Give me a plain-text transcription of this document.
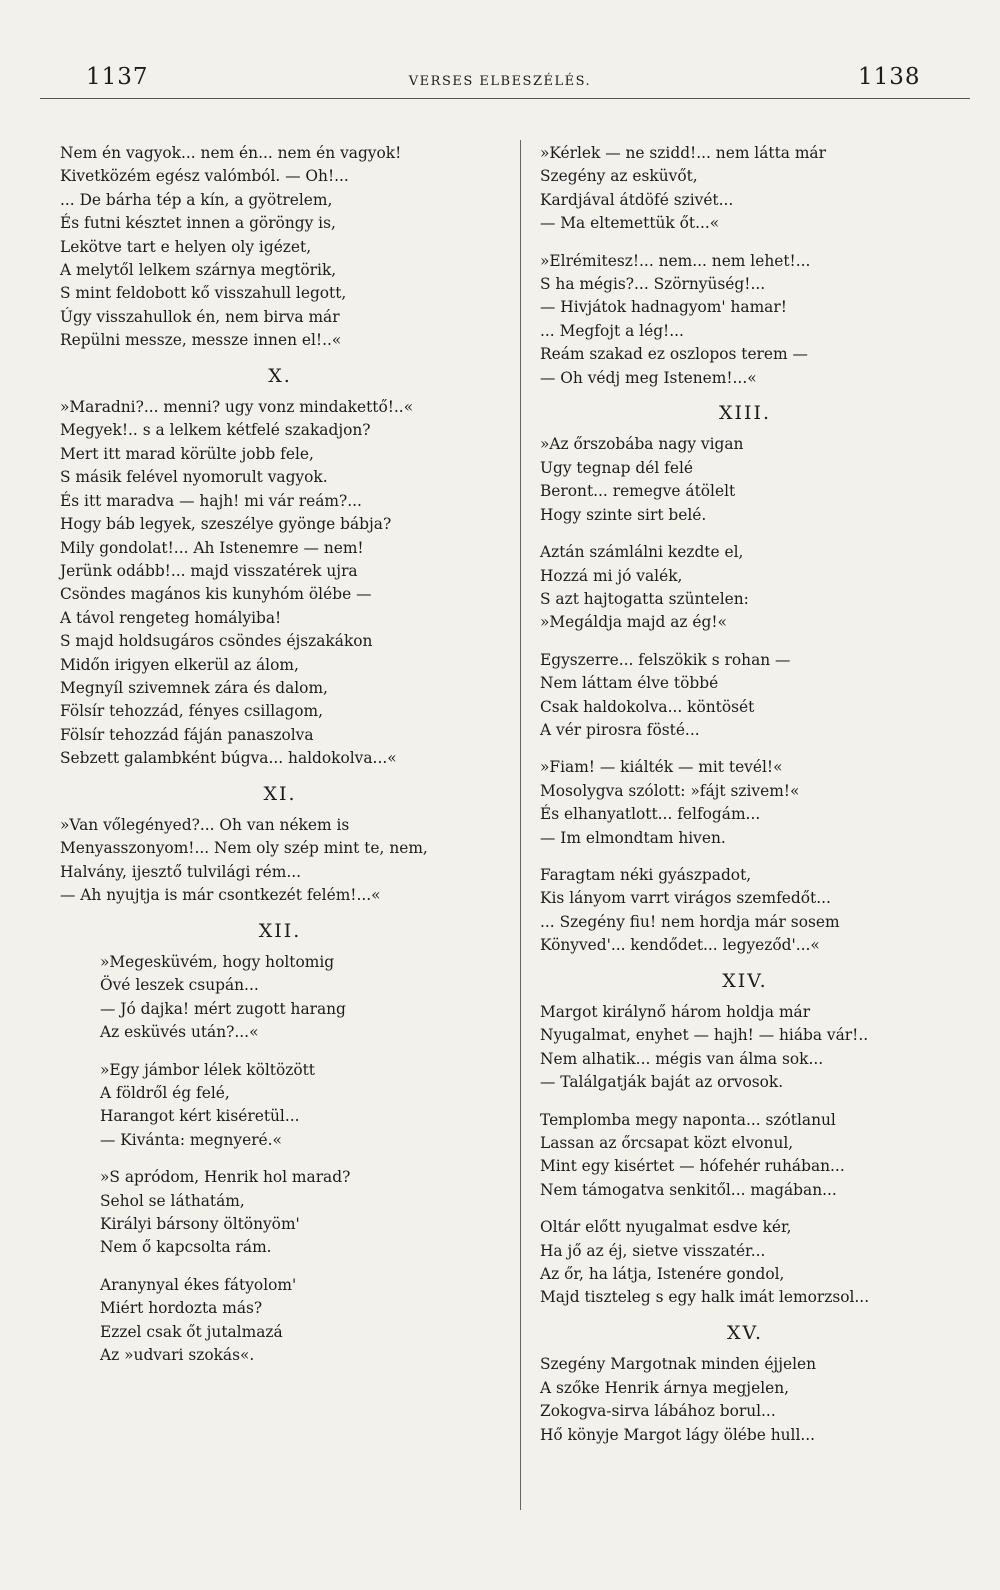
1137	VERSES ELBESZÉLÉS.	1138
Nem én vagyok... nem én... nem én vagyok!
Kivetközém egész valómból. — Oh!...
... De bárha tép a kín, a gyötrelem,
És futni késztet innen a göröngy is,
Lekötve tart e helyen oly igézet,
A melytől lelkem szárnya megtörik,
S mint feldobott kő visszahull legott,
Úgy visszahullok én, nem birva már
Repülni messze, messze innen el!..«
X.
»Maradni?... menni? ugy vonz mindakettő!..«
Megyek!.. s a lelkem kétfelé szakadjon?
Mert itt marad körülte jobb fele,
S másik felével nyomorult vagyok.
És itt maradva — hajh! mi vár reám?...
Hogy báb legyek, szeszélye gyönge bábja?
Mily gondolat!... Ah Istenemre — nem!
Jerünk odább!... majd visszatérek ujra
Csöndes magános kis kunyhóm ölébe —
A távol rengeteg homályiba!
S majd holdsugáros csöndes éjszakákon
Midőn irigyen elkerül az álom,
Megnyíl szivemnek zára és dalom,
Fölsír tehozzád, fényes csillagom,
Fölsír tehozzád fáján panaszolva
Sebzett galambként búgva... haldokolva...«
XI.
»Van vőlegényed?... Oh van nékem is
Menyasszonyom!... Nem oly szép mint te, nem,
Halvány, ijesztő tulvilági rém...
— Ah nyujtja is már csontkezét felém!...«
XII.
»Megesküvém, hogy holtomig
Övé leszek csupán...
— Jó dajka! mért zugott harang
Az esküvés után?...«
»Egy jámbor lélek költözött
A földről ég felé,
Harangot kért kiséretül...
— Kivánta: megnyeré.«
»S apródom, Henrik hol marad?
Sehol se láthatám,
Királyi bársony öltönyöm'
Nem ő kapcsolta rám.
Aranynyal ékes fátyolom'
Miért hordozta más?
Ezzel csak őt jutalmazá
Az »udvari szokás«.
»Kérlek — ne szidd!... nem látta már
Szegény az esküvőt,
Kardjával átdöfé szivét...
— Ma eltemettük őt...«
»Elrémitesz!... nem... nem lehet!...
S ha mégis?... Szörnyüség!...
— Hivjátok hadnagyom' hamar!
... Megfojt a lég!...
Reám szakad ez oszlopos terem —
— Oh védj meg Istenem!...«
XIII.
»Az őrszobába nagy vigan
Ugy tegnap dél felé
Beront... remegve átölelt
Hogy szinte sirt belé.
Aztán számlálni kezdte el,
Hozzá mi jó valék,
S azt hajtogatta szüntelen:
»Megáldja majd az ég!«
Egyszerre... felszökik s rohan —
Nem láttam élve többé
Csak haldokolva... köntösét
A vér pirosra fösté...
»Fiam! — kiálték — mit tevél!«
Mosolygva szólott: »fájt szivem!«
És elhanyatlott... felfogám...
— Im elmondtam hiven.
Faragtam néki gyászpadot,
Kis lányom varrt virágos szemfedőt...
... Szegény fiu! nem hordja már sosem
Könyved'... kendődet... legyeződ'...«
XIV.
Margot királynő három holdja már
Nyugalmat, enyhet — hajh! — hiába vár!..
Nem alhatik... mégis van álma sok...
— Találgatják baját az orvosok.
Templomba megy naponta... szótlanul
Lassan az őrcsapat közt elvonul,
Mint egy kisértet — hófehér ruhában...
Nem támogatva senkitől... magában...
Oltár előtt nyugalmat esdve kér,
Ha jő az éj, sietve visszatér...
Az őr, ha látja, Istenére gondol,
Majd tiszteleg s egy halk imát lemorzsol...
XV.
Szegény Margotnak minden éjjelen
A szőke Henrik árnya megjelen,
Zokogva-sirva lábához borul...
Hő könyje Margot lágy ölébe hull...
